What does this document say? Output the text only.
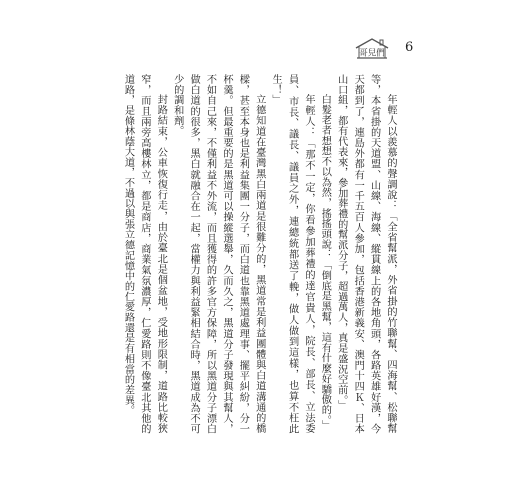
哥兒們 6

年輕人以羨慕的聲調說：「全省幫派，外省掛的竹聯幫、四海幫、松聯幫等，本省掛的天道盟、山線、海線、縱貫線上的各地角頭，各路英雄好漢，今天都到了，連島外都有一千五百人參加，包括香港新義安、澳門十四Ｋ、日本山口組，都有代表來，參加葬禮的幫派分子，超過萬人，真是盛況空前。」

白髮老者想想不以為然，搖搖頭說：「倒底是黑幫，這有什麼好驕傲的。」

年輕人：「那不一定，你看參加葬禮的達官貴人，院長、部長、立法委員、市長、議長、議員之外，連總統都送了輓，做人做到這樣，也算不枉此生！」

立德知道在臺灣黑白兩道是很難分的，黑道常是利益團體與白道溝通的橋樑，甚至本身也是利益集團一分子，而白道也靠黑道處理事、擺平糾紛，分一杯羹。但最重要的是黑道可以操縱選舉，久而久之，黑道分子發現與其幫人，不如自己來，不僅利益不外流，而且獲得的許多官方保障，所以黑道分子漂白做白道的很多，黑白就融合在一起，當權力與利益緊相結合時，黑道成為不可少的調和劑。

封路結束，公車恢復行走，由於臺北是個盆地，受地形限制，道路比較狹窄，而且兩旁高樓林立，都是商店，商業氣氛濃厚，仁愛路則不像臺北其他的道路，是條林蔭大道，不過以與張立德記憶中的仁愛路還是有相當的差異。
